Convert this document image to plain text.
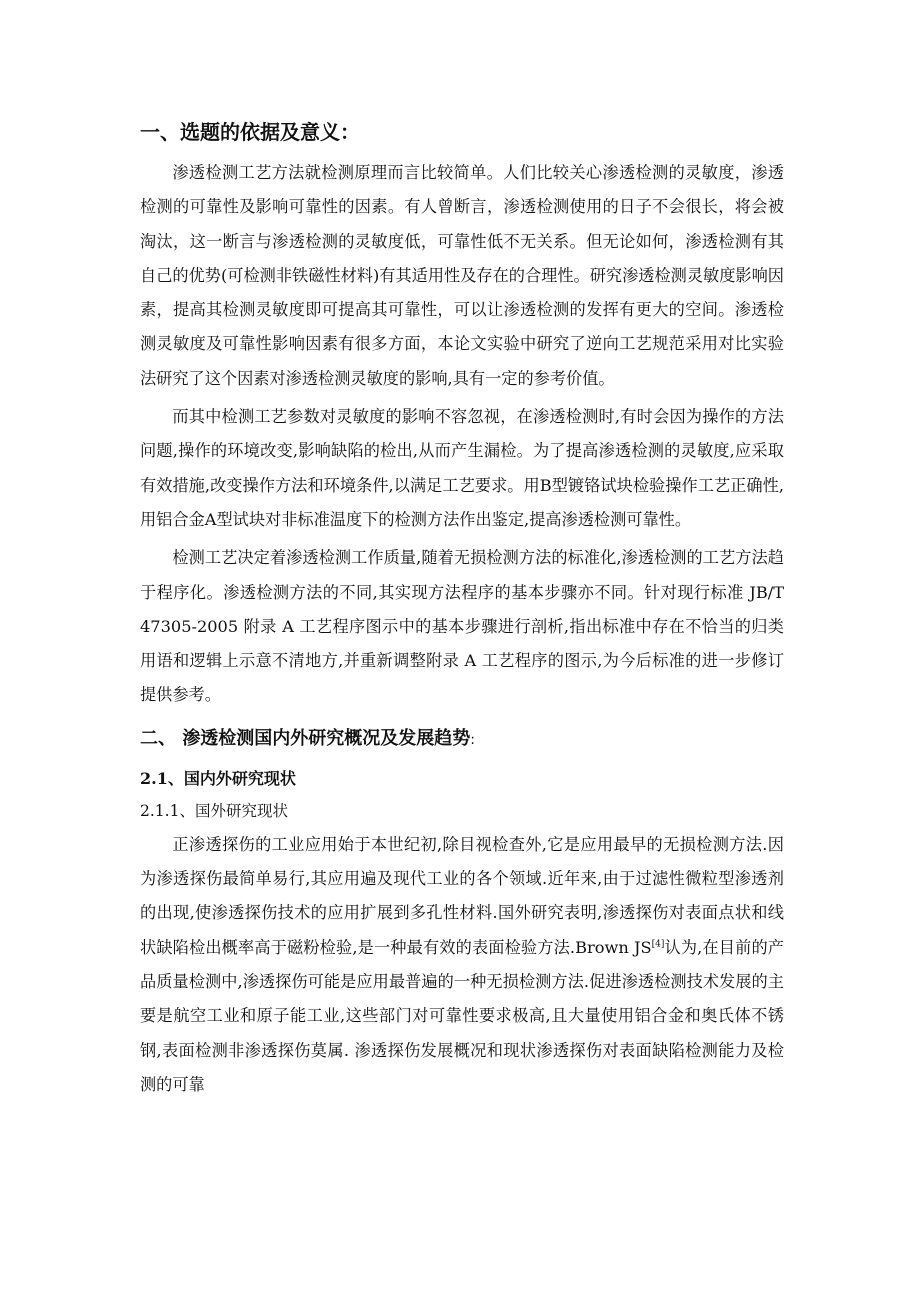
一、选题的依据及意义：

渗透检测工艺方法就检测原理而言比较简单。人们比较关心渗透检测的灵敏度，渗透检测的可靠性及影响可靠性的因素。有人曾断言，渗透检测使用的日子不会很长，将会被淘汰，这一断言与渗透检测的灵敏度低，可靠性低不无关系。但无论如何，渗透检测有其自己的优势(可检测非铁磁性材料)有其适用性及存在的合理性。研究渗透检测灵敏度影响因素，提高其检测灵敏度即可提高其可靠性，可以让渗透检测的发挥有更大的空间。渗透检测灵敏度及可靠性影响因素有很多方面，本论文实验中研究了逆向工艺规范采用对比实验法研究了这个因素对渗透检测灵敏度的影响,具有一定的参考价值。

而其中检测工艺参数对灵敏度的影响不容忽视，在渗透检测时,有时会因为操作的方法问题,操作的环境改变,影响缺陷的检出,从而产生漏检。为了提高渗透检测的灵敏度,应采取有效措施,改变操作方法和环境条件,以满足工艺要求。用B型镀铬试块检验操作工艺正确性,用铝合金A型试块对非标准温度下的检测方法作出鉴定,提高渗透检测可靠性。

检测工艺决定着渗透检测工作质量,随着无损检测方法的标准化,渗透检测的工艺方法趋于程序化。渗透检测方法的不同,其实现方法程序的基本步骤亦不同。针对现行标准 JB/T 47305-2005 附录 A 工艺程序图示中的基本步骤进行剖析,指出标准中存在不恰当的归类用语和逻辑上示意不清地方,并重新调整附录 A 工艺程序的图示,为今后标准的进一步修订提供参考。

二、 渗透检测国内外研究概况及发展趋势:
2.1、国内外研究现状
2.1.1、国外研究现状

正渗透探伤的工业应用始于本世纪初,除目视检查外,它是应用最早的无损检测方法.因为渗透探伤最简单易行,其应用遍及现代工业的各个领域.近年来,由于过滤性微粒型渗透剂的出现,使渗透探伤技术的应用扩展到多孔性材料.国外研究表明,渗透探伤对表面点状和线状缺陷检出概率高于磁粉检验,是一种最有效的表面检验方法.Brown JS[4]认为,在目前的产品质量检测中,渗透探伤可能是应用最普遍的一种无损检测方法.促进渗透检测技术发展的主要是航空工业和原子能工业,这些部门对可靠性要求极高,且大量使用铝合金和奥氏体不锈钢,表面检测非渗透探伤莫属. 渗透探伤发展概况和现状渗透探伤对表面缺陷检测能力及检测的可靠
